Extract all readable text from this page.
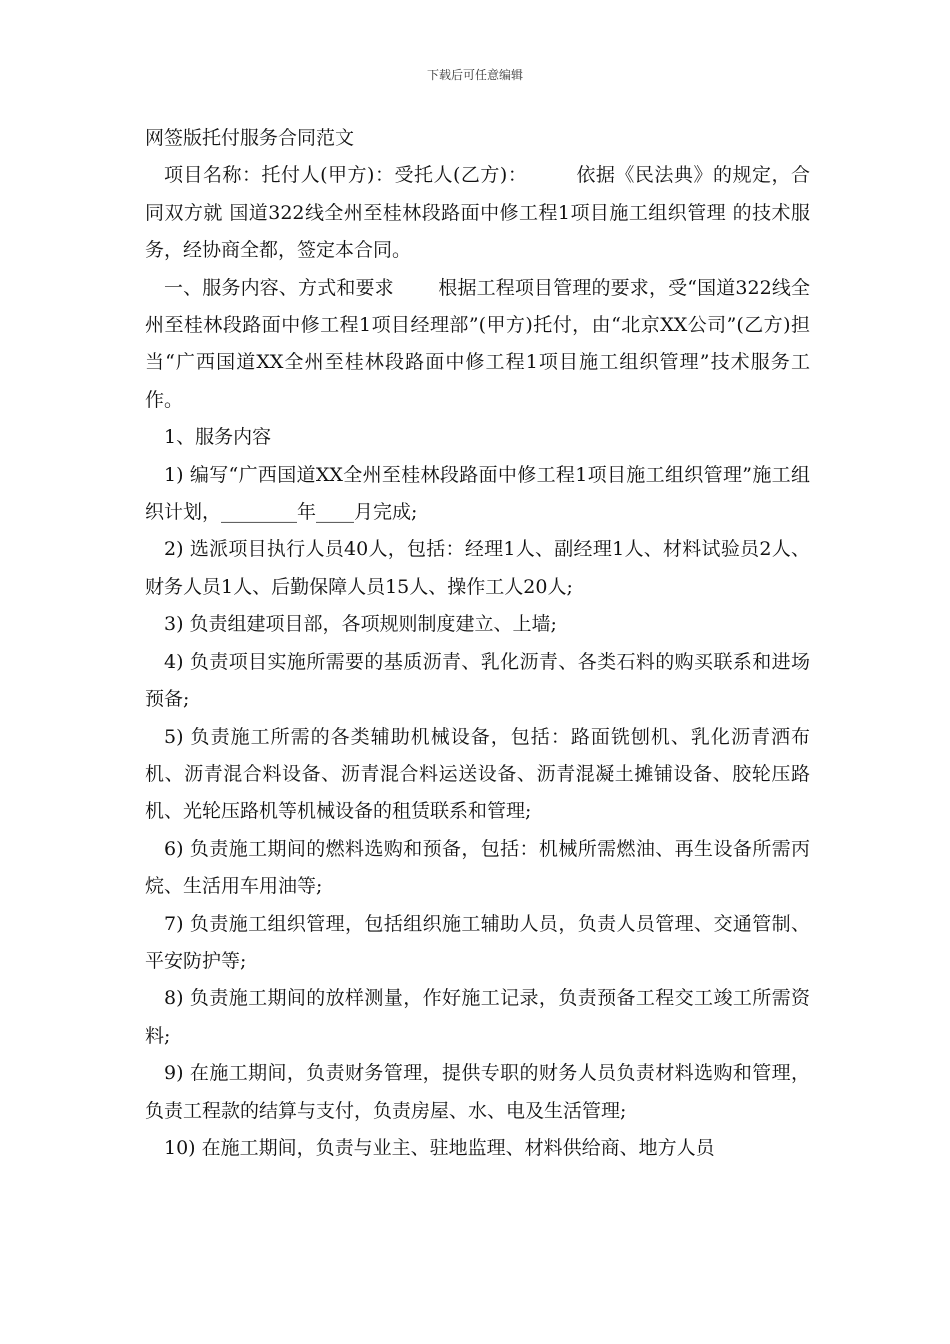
下载后可任意编辑

网签版托付服务合同范文

项目名称：托付人(甲方)：受托人(乙方)：　　　依据《民法典》的规定，合同双方就 国道322线全州至桂林段路面中修工程1项目施工组织管理 的技术服务，经协商全都，签定本合同。

一、服务内容、方式和要求　　 根据工程项目管理的要求，受“国道322线全州至桂林段路面中修工程1项目经理部”(甲方)托付，由“北京XX公司”(乙方)担当“广西国道XX全州至桂林段路面中修工程1项目施工组织管理”技术服务工作。

1、服务内容

1) 编写“广西国道XX全州至桂林段路面中修工程1项目施工组织管理”施工组织计划，________年____月完成;

2) 选派项目执行人员40人，包括：经理1人、副经理1人、材料试验员2人、财务人员1人、后勤保障人员15人、操作工人20人;

3) 负责组建项目部，各项规则制度建立、上墙;

4) 负责项目实施所需要的基质沥青、乳化沥青、各类石料的购买联系和进场预备;

5) 负责施工所需的各类辅助机械设备，包括：路面铣刨机、乳化沥青洒布机、沥青混合料设备、沥青混合料运送设备、沥青混凝土摊铺设备、胶轮压路机、光轮压路机等机械设备的租赁联系和管理;

6) 负责施工期间的燃料选购和预备，包括：机械所需燃油、再生设备所需丙烷、生活用车用油等;

7) 负责施工组织管理，包括组织施工辅助人员，负责人员管理、交通管制、平安防护等;

8) 负责施工期间的放样测量，作好施工记录，负责预备工程交工竣工所需资料;

9) 在施工期间，负责财务管理，提供专职的财务人员负责材料选购和管理，负责工程款的结算与支付，负责房屋、水、电及生活管理;

10) 在施工期间，负责与业主、驻地监理、材料供给商、地方人员
